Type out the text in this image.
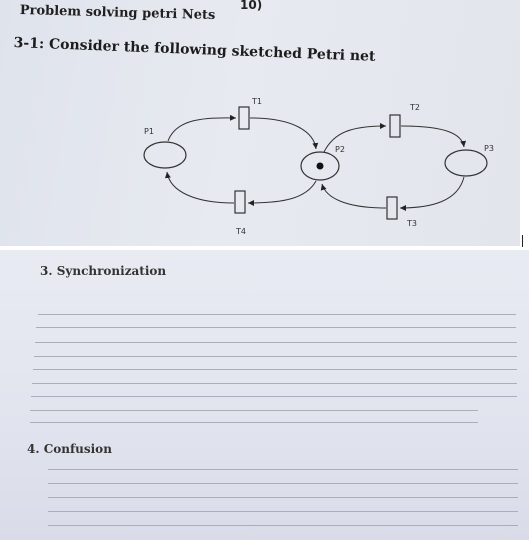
10)
Problem solving petri Nets
3-1: Consider the following sketched Petri net
T1
T2
T3
T4
P1
P2	P3
3. Synchronization
4. Confusion
